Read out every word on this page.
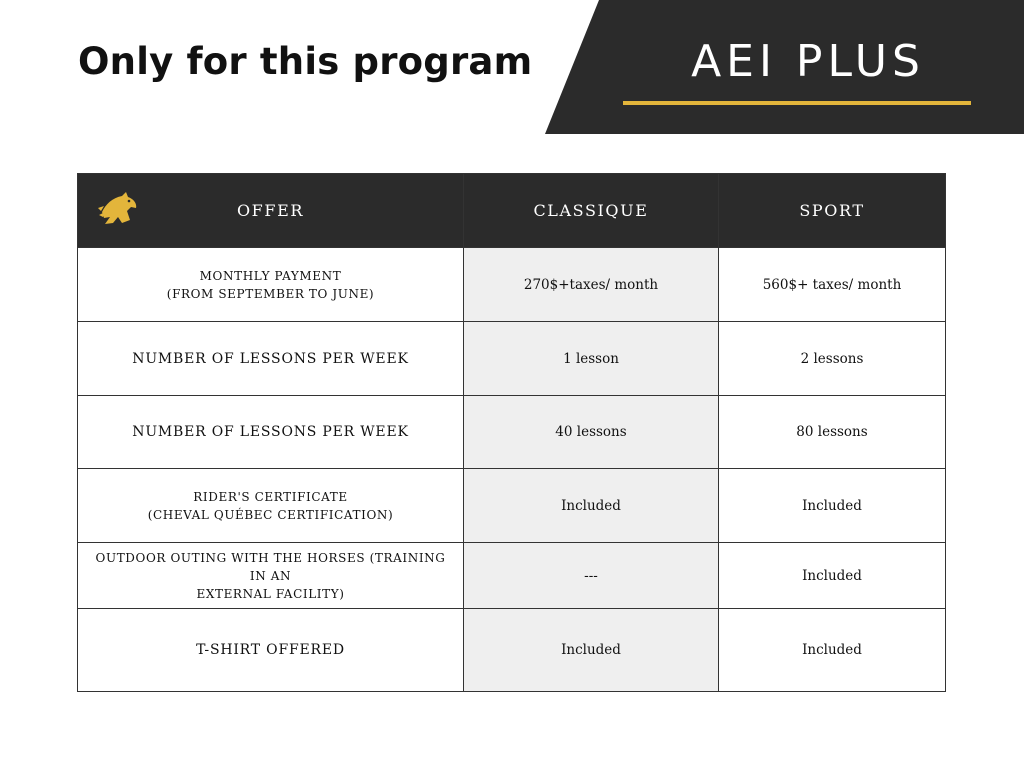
Only for this program	AEI PLUS
OFFER	CLASSIQUE	SPORT

MONTHLY PAYMENT
(FROM SEPTEMBER TO JUNE)	270$+taxes/ month	560$+ taxes/ month

NUMBER OF LESSONS PER WEEK	1 lesson	2 lessons

NUMBER OF LESSONS PER WEEK	40 lessons	80 lessons

RIDER'S CERTIFICATE
(CHEVAL QUÉBEC CERTIFICATION)	Included	Included

OUTDOOR OUTING WITH THE HORSES (TRAINING IN AN
EXTERNAL FACILITY)	---	Included

T-SHIRT OFFERED	Included	Included
